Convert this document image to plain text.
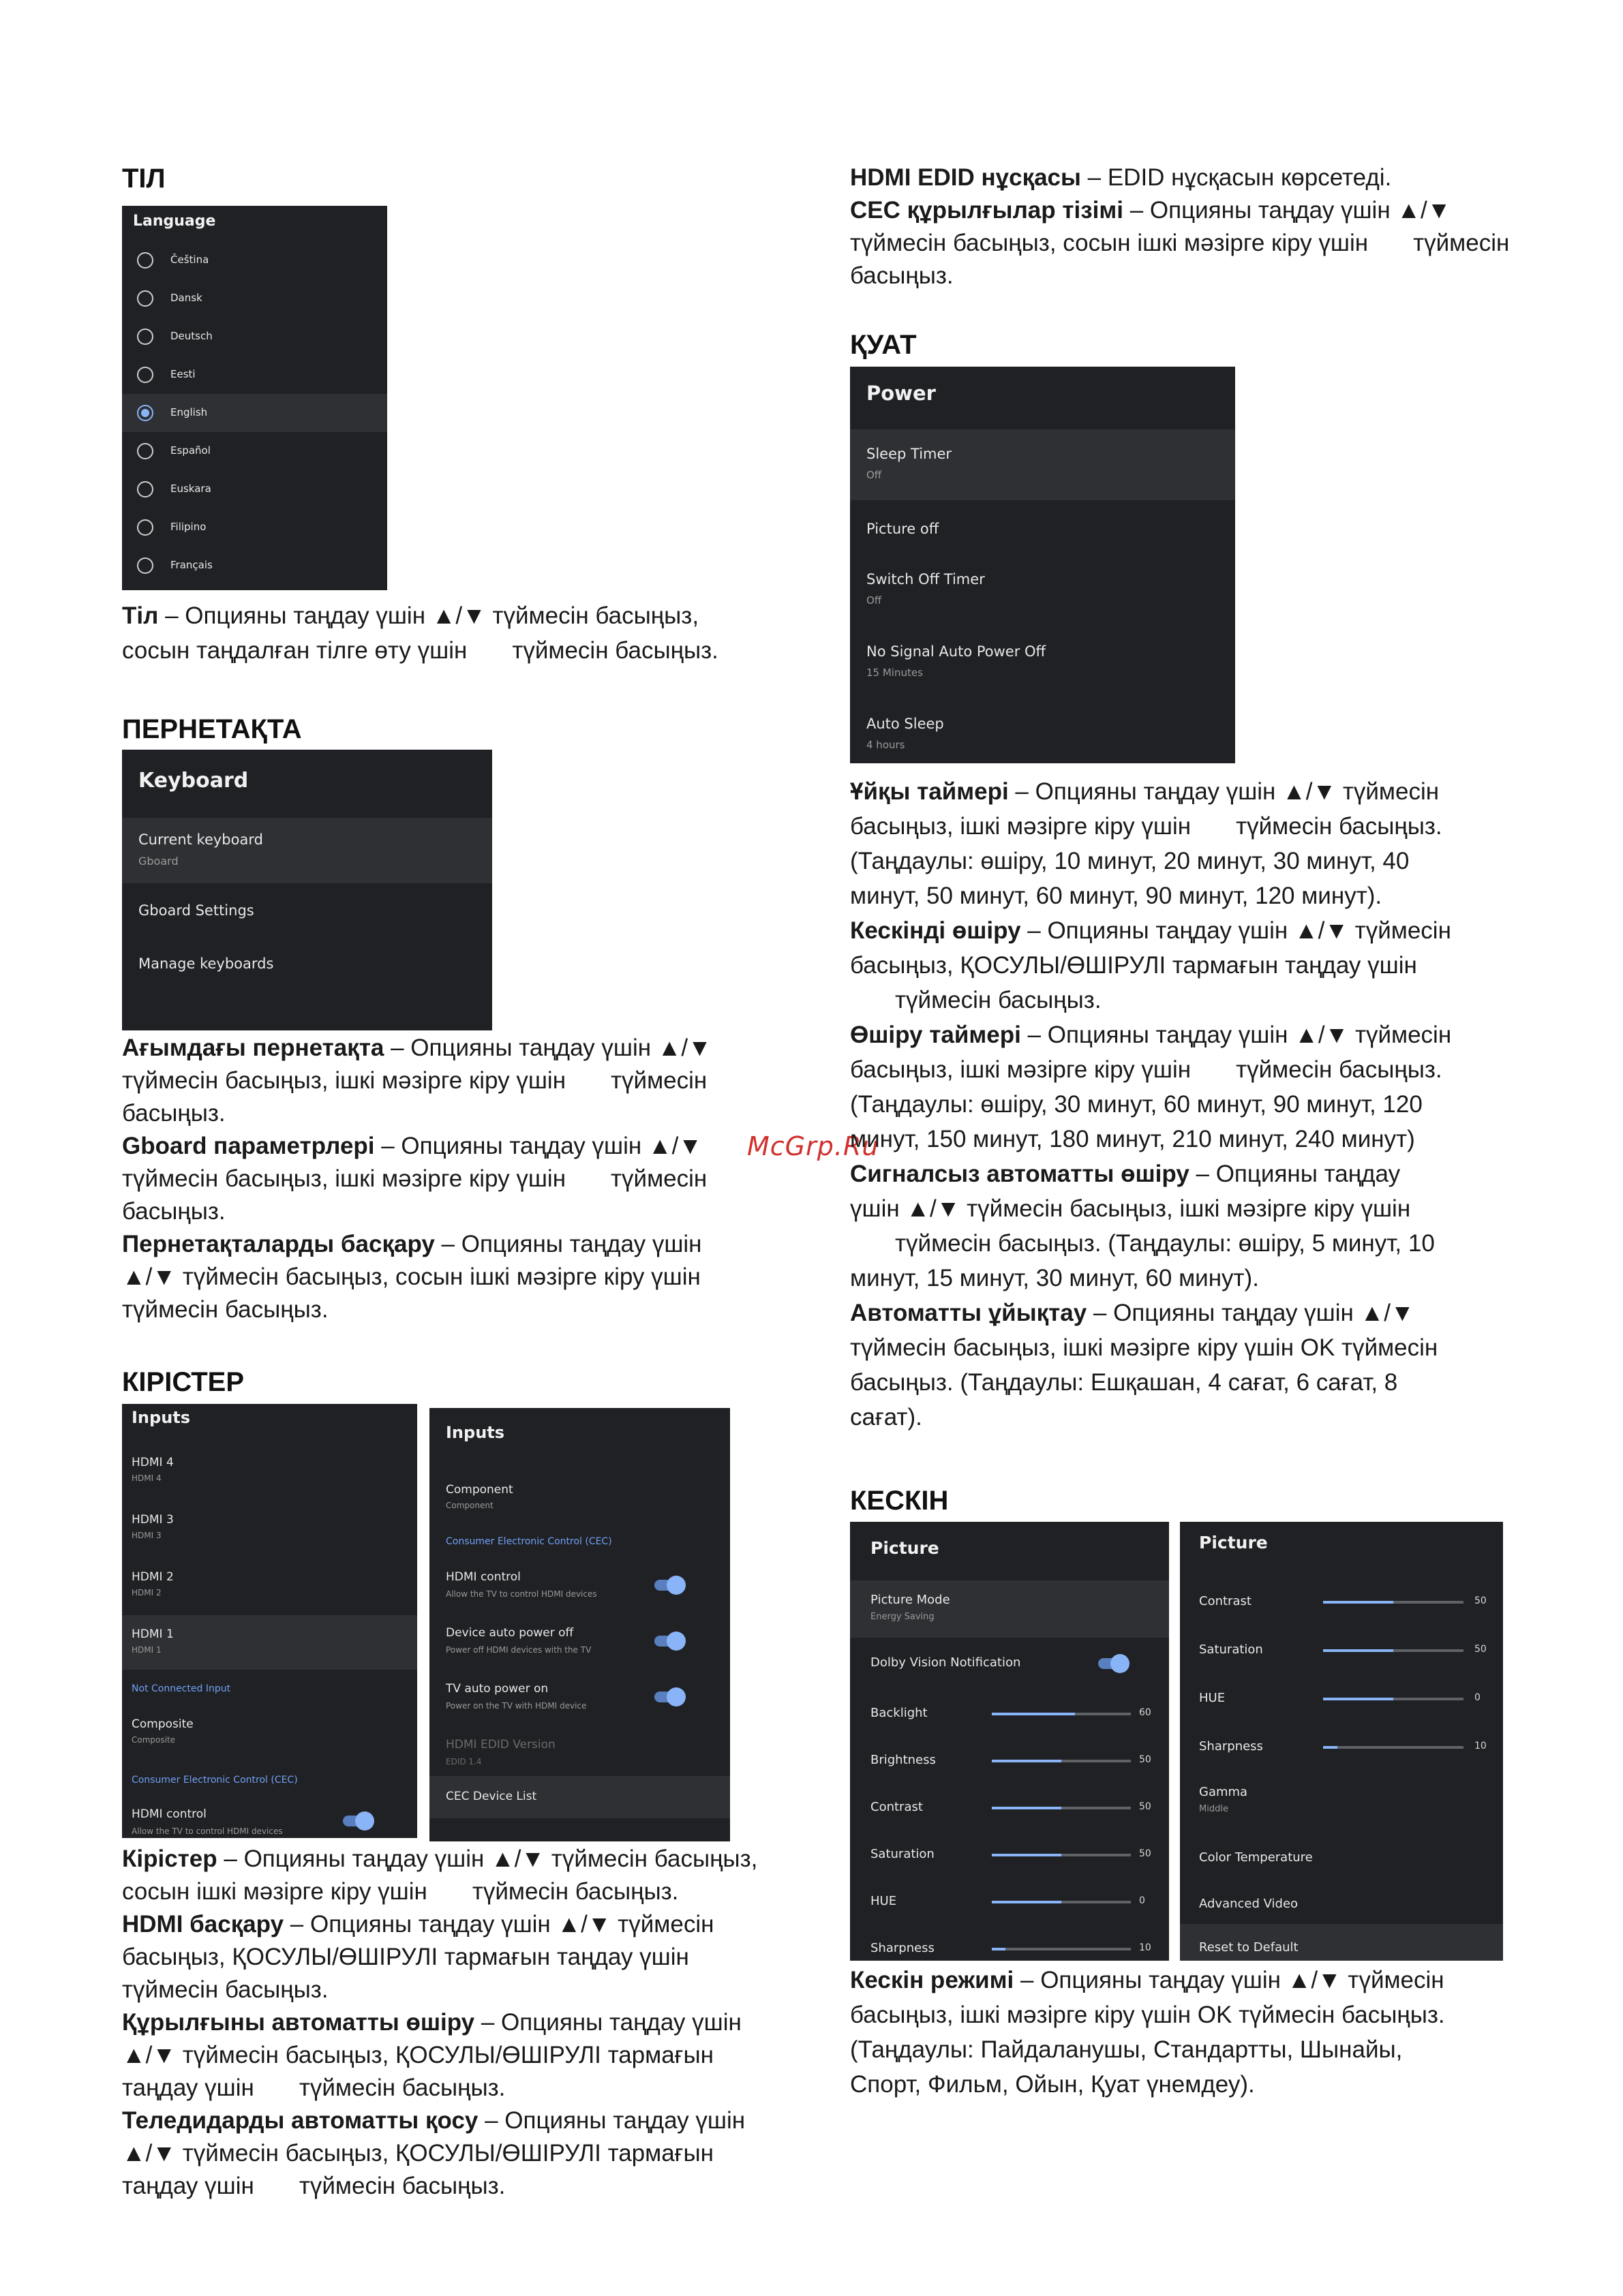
ТІЛ
Language
Čeština
Dansk
Deutsch
Eesti
English
Español
Euskara
Filipino
Français

Тіл – Опцияны таңдау үшін ▲/▼ түймесін басыңыз,
сосын таңдалған тілге өту үшін түймесін басыңыз.

ПЕРНЕТАҚТА
Keyboard
Current keyboard
Gboard
Gboard Settings
Manage keyboards

Ағымдағы пернетақта – Опцияны таңдау үшін ▲/▼
түймесін басыңыз, ішкі мәзірге кіру үшін түймесін
басыңыз.
Gboard параметрлері – Опцияны таңдау үшін ▲/▼
түймесін басыңыз, ішкі мәзірге кіру үшін түймесін
басыңыз.
Пернетақталарды басқару – Опцияны таңдау үшін
▲/▼ түймесін басыңыз, сосын ішкі мәзірге кіру үшін
түймесін басыңыз.

КІРІСТЕР
Inputs
HDMI 4
HDMI 4
HDMI 3
HDMI 3
HDMI 2
HDMI 2
HDMI 1
HDMI 1
Not Connected Input
Composite
Composite
Consumer Electronic Control (CEC)
HDMI control
Allow the TV to control HDMI devices
Inputs
Component
Component
Consumer Electronic Control (CEC)
HDMI control
Allow the TV to control HDMI devices
Device auto power off
Power off HDMI devices with the TV
TV auto power on
Power on the TV with HDMI device
HDMI EDID Version
EDID 1.4
CEC Device List

Кірістер – Опцияны таңдау үшін ▲/▼ түймесін басыңыз,
сосын ішкі мәзірге кіру үшін түймесін басыңыз.
HDMI басқару – Опцияны таңдау үшін ▲/▼ түймесін
басыңыз, ҚОСУЛЫ/ӨШІРУЛІ тармағын таңдау үшін
түймесін басыңыз.
Құрылғыны автоматты өшіру – Опцияны таңдау үшін
▲/▼ түймесін басыңыз, ҚОСУЛЫ/ӨШІРУЛІ тармағын
таңдау үшін түймесін басыңыз.
Теледидарды автоматты қосу – Опцияны таңдау үшін
▲/▼ түймесін басыңыз, ҚОСУЛЫ/ӨШІРУЛІ тармағын
таңдау үшін түймесін басыңыз.

McGrp.Ru

HDMI EDID нұсқасы – EDID нұсқасын көрсетеді.
CEC құрылғылар тізімі – Опцияны таңдау үшін ▲/▼
түймесін басыңыз, сосын ішкі мәзірге кіру үшін түймесін
басыңыз.

ҚУАТ
Power
Sleep Timer
Off
Picture off
Switch Off Timer
Off
No Signal Auto Power Off
15 Minutes
Auto Sleep
4 hours

Ұйқы таймері – Опцияны таңдау үшін ▲/▼ түймесін
басыңыз, ішкі мәзірге кіру үшін түймесін басыңыз.
(Таңдаулы: өшіру, 10 минут, 20 минут, 30 минут, 40
минут, 50 минут, 60 минут, 90 минут, 120 минут).
Кескінді өшіру – Опцияны таңдау үшін ▲/▼ түймесін
басыңыз, ҚОСУЛЫ/ӨШІРУЛІ тармағын таңдау үшін
түймесін басыңыз.
Өшіру таймері – Опцияны таңдау үшін ▲/▼ түймесін
басыңыз, ішкі мәзірге кіру үшін түймесін басыңыз.
(Таңдаулы: өшіру, 30 минут, 60 минут, 90 минут, 120
минут, 150 минут, 180 минут, 210 минут, 240 минут)
Сигналсыз автоматты өшіру – Опцияны таңдау
үшін ▲/▼ түймесін басыңыз, ішкі мәзірге кіру үшін
түймесін басыңыз. (Таңдаулы: өшіру, 5 минут, 10
минут, 15 минут, 30 минут, 60 минут).
Автоматты ұйықтау – Опцияны таңдау үшін ▲/▼
түймесін басыңыз, ішкі мәзірге кіру үшін OK түймесін
басыңыз. (Таңдаулы: Ешқашан, 4 сағат, 6 сағат, 8
сағат).

КЕСКІН
Picture
Picture Mode
Energy Saving
Dolby Vision Notification
Backlight	60
Brightness	50
Contrast	50
Saturation	50
HUE	0
Sharpness	10
Picture
Contrast	50
Saturation	50
HUE	0
Sharpness	10
Gamma
Middle
Color Temperature
Advanced Video
Reset to Default

Кескін режимі – Опцияны таңдау үшін ▲/▼ түймесін
басыңыз, ішкі мәзірге кіру үшін OK түймесін басыңыз.
(Таңдаулы: Пайдаланушы, Стандартты, Шынайы,
Спорт, Фильм, Ойын, Қуат үнемдеу).
